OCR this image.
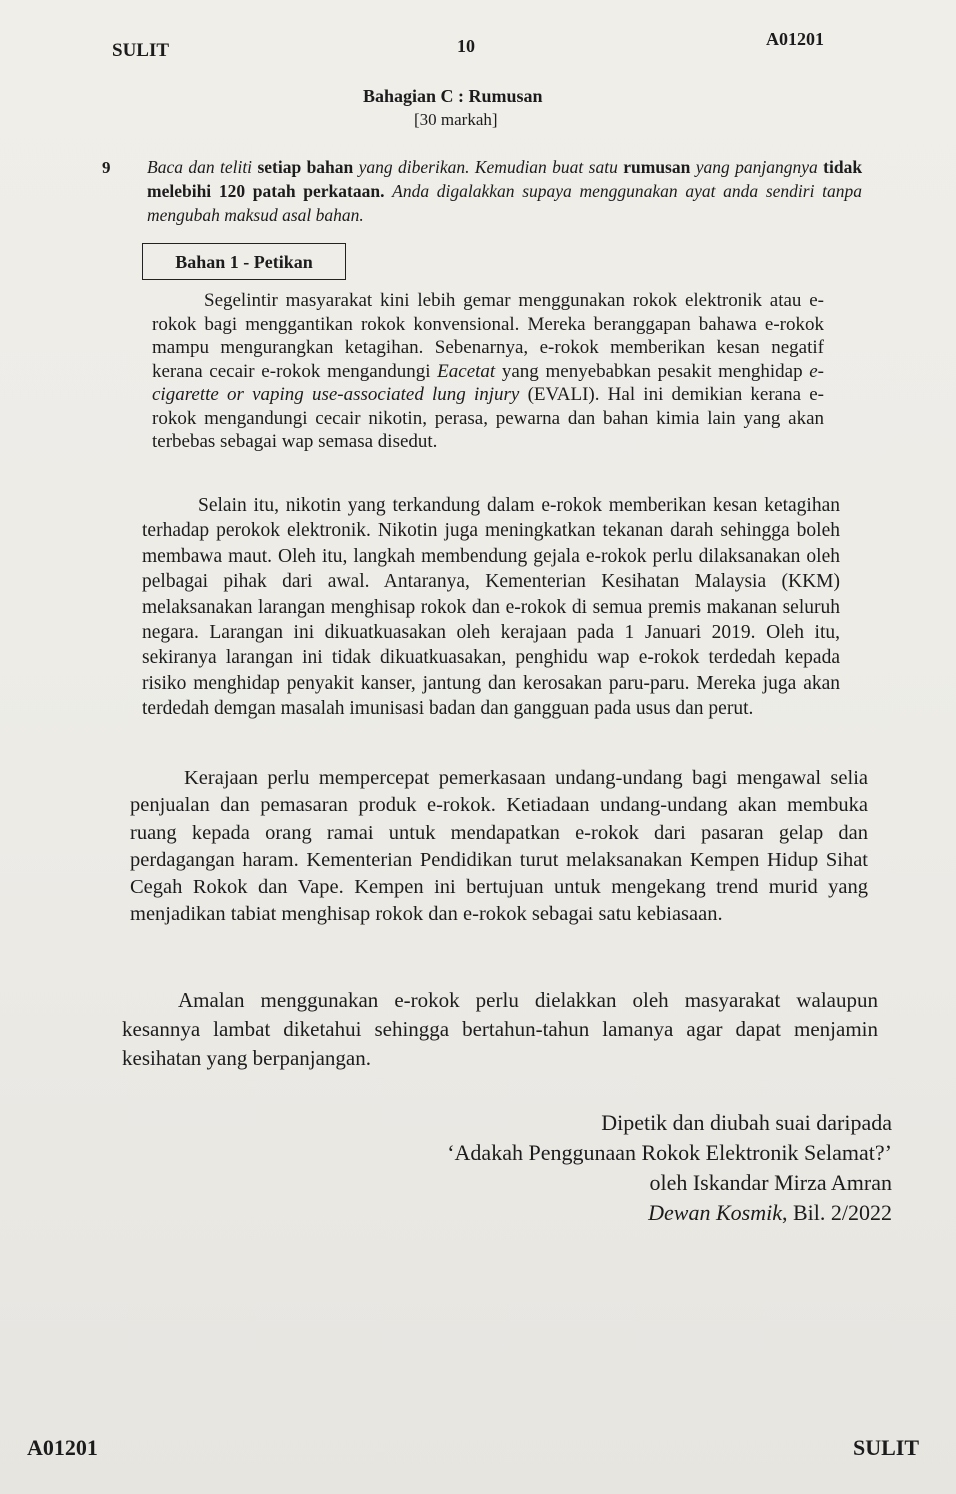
SULIT	10	A01201
Bahagian C : Rumusan
[30 markah]
9 Baca dan teliti setiap bahan yang diberikan. Kemudian buat satu rumusan yang panjangnya tidak melebihi 120 patah perkataan. Anda digalakkan supaya menggunakan ayat anda sendiri tanpa mengubah maksud asal bahan.

Bahan 1 - Petikan
Segelintir masyarakat kini lebih gemar menggunakan rokok elektronik atau e-rokok bagi menggantikan rokok konvensional. Mereka beranggapan bahawa e-rokok mampu mengurangkan ketagihan. Sebenarnya, e-rokok memberikan kesan negatif kerana cecair e-rokok mengandungi Eacetat yang menyebabkan pesakit menghidap e-cigarette or vaping use-associated lung injury (EVALI). Hal ini demikian kerana e-rokok mengandungi cecair nikotin, perasa, pewarna dan bahan kimia lain yang akan terbebas sebagai wap semasa disedut.
Selain itu, nikotin yang terkandung dalam e-rokok memberikan kesan ketagihan terhadap perokok elektronik. Nikotin juga meningkatkan tekanan darah sehingga boleh membawa maut. Oleh itu, langkah membendung gejala e-rokok perlu dilaksanakan oleh pelbagai pihak dari awal. Antaranya, Kementerian Kesihatan Malaysia (KKM) melaksanakan larangan menghisap rokok dan e-rokok di semua premis makanan seluruh negara. Larangan ini dikuatkuasakan oleh kerajaan pada 1 Januari 2019. Oleh itu, sekiranya larangan ini tidak dikuatkuasakan, penghidu wap e-rokok terdedah kepada risiko menghidap penyakit kanser, jantung dan kerosakan paru-paru. Mereka juga akan terdedah demgan masalah imunisasi badan dan gangguan pada usus dan perut.
Kerajaan perlu mempercepat pemerkasaan undang-undang bagi mengawal selia penjualan dan pemasaran produk e-rokok. Ketiadaan undang-undang akan membuka ruang kepada orang ramai untuk mendapatkan e-rokok dari pasaran gelap dan perdagangan haram. Kementerian Pendidikan turut melaksanakan Kempen Hidup Sihat Cegah Rokok dan Vape. Kempen ini bertujuan untuk mengekang trend murid yang menjadikan tabiat menghisap rokok dan e-rokok sebagai satu kebiasaan.
Amalan menggunakan e-rokok perlu dielakkan oleh masyarakat walaupun kesannya lambat diketahui sehingga bertahun-tahun lamanya agar dapat menjamin kesihatan yang berpanjangan.
Dipetik dan diubah suai daripada
‘Adakah Penggunaan Rokok Elektronik Selamat?’
oleh Iskandar Mirza Amran
Dewan Kosmik, Bil. 2/2022
A01201	SULIT
